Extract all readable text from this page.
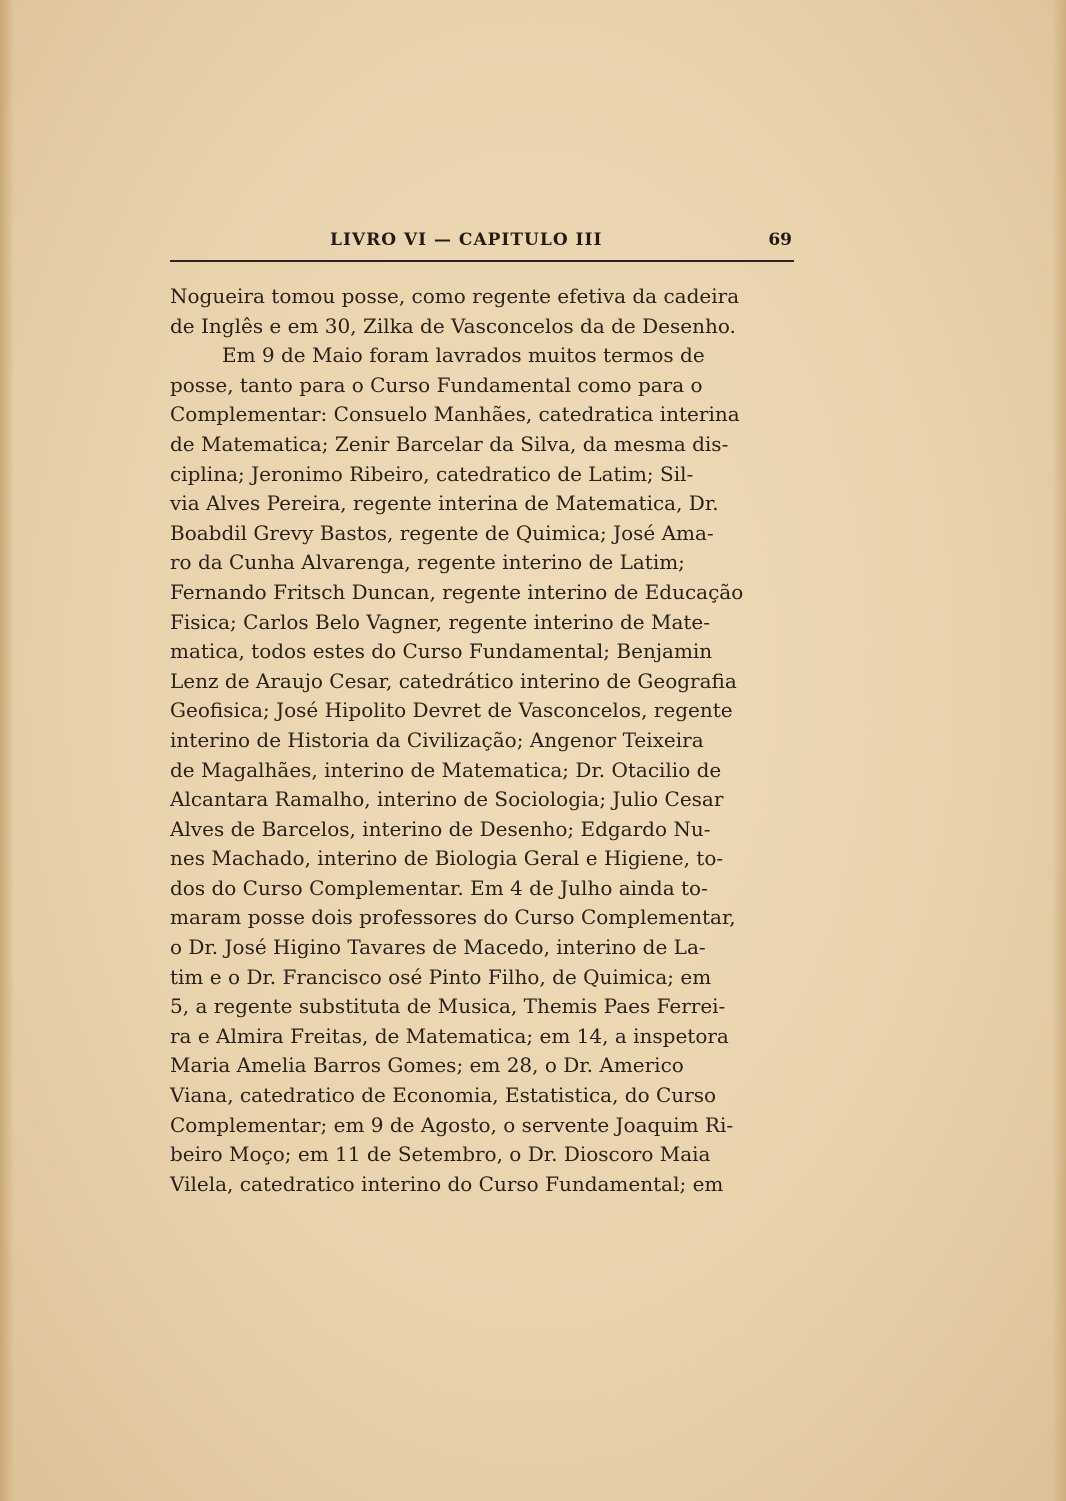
LIVRO VI — CAPITULO III	69
Nogueira tomou posse, como regente efetiva da cadeira
de Inglês e em 30, Zilka de Vasconcelos da de Desenho.
Em 9 de Maio foram lavrados muitos termos de
posse, tanto para o Curso Fundamental como para o
Complementar: Consuelo Manhães, catedratica interina
de Matematica; Zenir Barcelar da Silva, da mesma dis-
ciplina; Jeronimo Ribeiro, catedratico de Latim; Sil-
via Alves Pereira, regente interina de Matematica, Dr.
Boabdil Grevy Bastos, regente de Quimica; José Ama-
ro da Cunha Alvarenga, regente interino de Latim;
Fernando Fritsch Duncan, regente interino de Educação
Fisica; Carlos Belo Vagner, regente interino de Mate-
matica, todos estes do Curso Fundamental; Benjamin
Lenz de Araujo Cesar, catedrático interino de Geografia
Geofisica; José Hipolito Devret de Vasconcelos, regente
interino de Historia da Civilização; Angenor Teixeira
de Magalhães, interino de Matematica; Dr. Otacilio de
Alcantara Ramalho, interino de Sociologia; Julio Cesar
Alves de Barcelos, interino de Desenho; Edgardo Nu-
nes Machado, interino de Biologia Geral e Higiene, to-
dos do Curso Complementar. Em 4 de Julho ainda to-
maram posse dois professores do Curso Complementar,
o Dr. José Higino Tavares de Macedo, interino de La-
tim e o Dr. Francisco osé Pinto Filho, de Quimica; em
5, a regente substituta de Musica, Themis Paes Ferrei-
ra e Almira Freitas, de Matematica; em 14, a inspetora
Maria Amelia Barros Gomes; em 28, o Dr. Americo
Viana, catedratico de Economia, Estatistica, do Curso
Complementar; em 9 de Agosto, o servente Joaquim Ri-
beiro Moço; em 11 de Setembro, o Dr. Dioscoro Maia
Vilela, catedratico interino do Curso Fundamental; em
